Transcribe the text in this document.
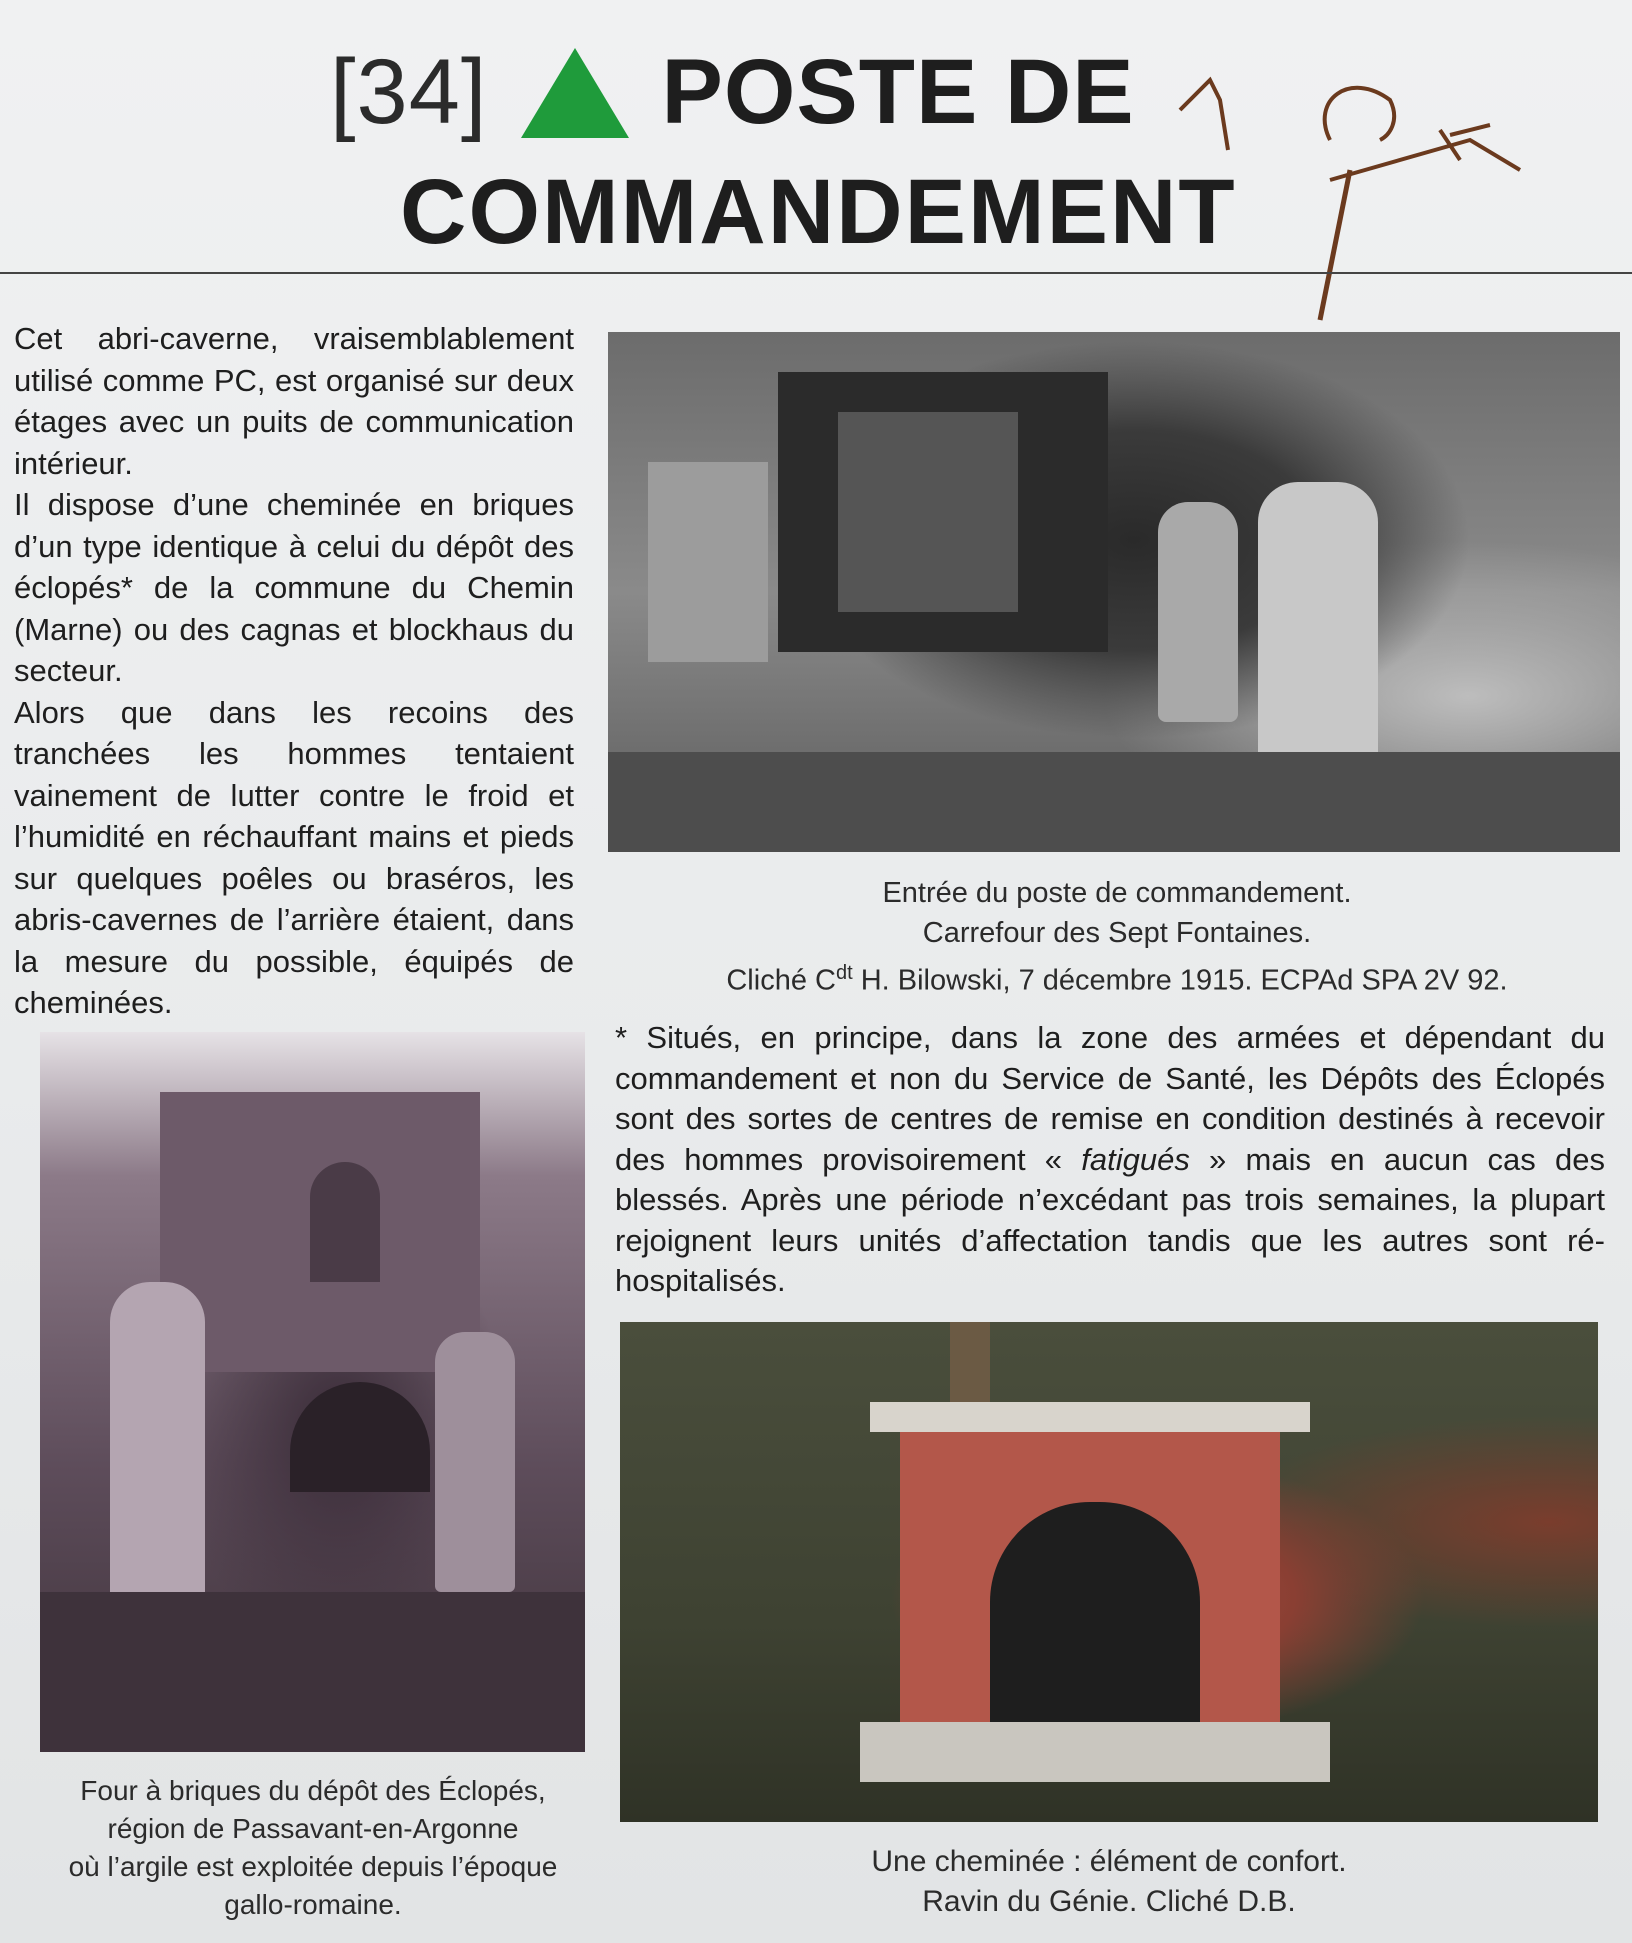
[34] POSTE DE
COMMANDEMENT

Cet abri-caverne, vraisemblablement utilisé comme PC, est organisé sur deux étages avec un puits de communication intérieur.

Il dispose d’une cheminée en briques d’un type identique à celui du dépôt des éclopés* de la commune du Chemin (Marne) ou des cagnas et blockhaus du secteur.

Alors que dans les recoins des tranchées les hommes tentaient vainement de lutter contre le froid et l’humidité en réchauffant mains et pieds sur quelques poêles ou braséros, les abris-cavernes de l’arrière étaient, dans la mesure du possible, équipés de cheminées.

Entrée du poste de commandement.
Carrefour des Sept Fontaines.
Cliché $C^{dt}$ H. Bilowski, 7 décembre 1915. ECPAd SPA 2V 92.

* Situés, en principe, dans la zone des armées et dépendant du commandement et non du Service de Santé, les Dépôts des Éclopés sont des sortes de centres de remise en condition destinés à recevoir des hommes provisoirement « fatigués » mais en aucun cas des blessés. Après une période n’excédant pas trois semaines, la plupart rejoignent leurs unités d’affectation tandis que les autres sont ré-hospitalisés.

Four à briques du dépôt des Éclopés,
région de Passavant-en-Argonne
où l’argile est exploitée depuis l’époque
gallo-romaine.
Une cheminée : élément de confort.
Ravin du Génie. Cliché D.B.
